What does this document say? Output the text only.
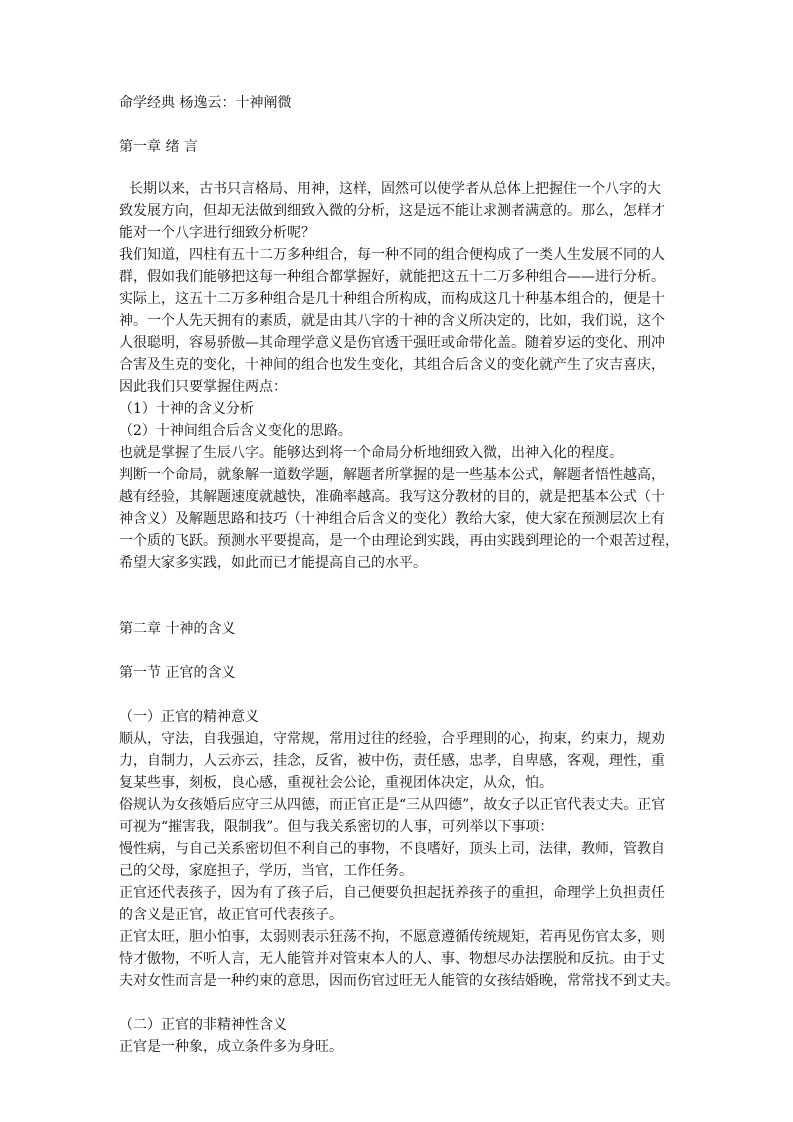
命学经典 杨逸云：十神阐微
第一章 绪 言
长期以来，古书只言格局、用神，这样，固然可以使学者从总体上把握住一个八字的大
致发展方向，但却无法做到细致入微的分析，这是远不能让求测者满意的。那么，怎样才
能对一个八字进行细致分析呢？
我们知道，四柱有五十二万多种组合，每一种不同的组合便构成了一类人生发展不同的人
群，假如我们能够把这每一种组合都掌握好，就能把这五十二万多种组合——进行分析。
实际上，这五十二万多种组合是几十种组合所构成，而构成这几十种基本组合的，便是十
神。一个人先天拥有的素质，就是由其八字的十神的含义所决定的，比如，我们说，这个
人很聪明，容易骄傲—其命理学意义是伤官透干强旺或命带化盖。随着岁运的变化、刑冲
合害及生克的变化，十神间的组合也发生变化，其组合后含义的变化就产生了灾吉喜庆，
因此我们只要掌握住两点：
（1）十神的含义分析
（2）十神间组合后含义变化的思路。
也就是掌握了生辰八字。能够达到将一个命局分析地细致入微，出神入化的程度。
判断一个命局，就象解一道数学题，解题者所掌握的是一些基本公式，解题者悟性越高，
越有经验，其解题速度就越快，准确率越高。我写这分教材的目的，就是把基本公式（十
神含义）及解题思路和技巧（十神组合后含义的变化）教给大家，使大家在预测层次上有
一个质的飞跃。预测水平要提高，是一个由理论到实践，再由实践到理论的一个艰苦过程，
希望大家多实践，如此而已才能提高自己的水平。
第二章 十神的含义
第一节 正官的含义
（一）正官的精神意义
顺从，守法，自我强迫，守常规，常用过往的经验，合乎理則的心，拘束，约束力，规劝
力，自制力，人云亦云，挂念，反省，被中伤，责任感，忠孝，自卑感，客观，理性，重
复某些事，刻板，良心感，重视社会公论，重视团体决定，从众，怕。
俗规认为女孩婚后应守三从四德，而正官正是“三从四德”，故女子以正官代表丈夫。正官
可视为“摧害我，限制我”。但与我关系密切的人事，可列举以下事项：
慢性病，与自己关系密切但不利自己的事物，不良嗜好，顶头上司，法律，教师，管教自
己的父母，家庭担子，学历，当官，工作任务。
正官还代表孩子，因为有了孩子后，自己便要负担起抚养孩子的重担，命理学上负担责任
的含义是正官，故正官可代表孩子。
正官太旺，胆小怕事，太弱则表示狂荡不拘，不愿意遵循传统规矩，若再见伤官太多，则
恃才傲物，不听人言，无人能管并对管束本人的人、事、物想尽办法摆脱和反抗。由于丈
夫对女性而言是一种约束的意思，因而伤官过旺无人能管的女孩结婚晚，常常找不到丈夫。
（二）正官的非精神性含义
正官是一种象，成立条件多为身旺。
